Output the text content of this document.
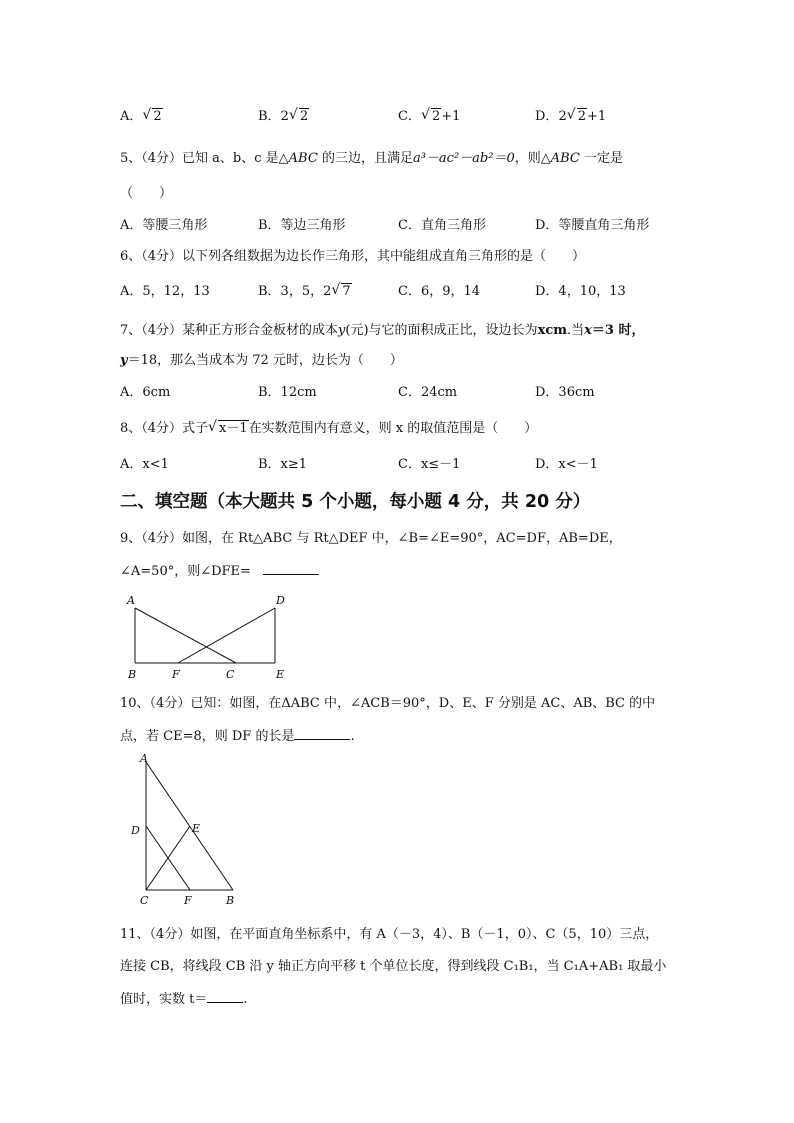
A． √ 2	B．2 √ 2	C． √ 2+1	D．2 √ 2+1
5、（4分）已知 a、b、c 是△ABC 的三边，且满足a³－ac²－ab²＝0，则△ABC 一定是
（　　）
A．等腰三角形	B．等边三角形	C．直角三角形	D．等腰直角三角形
6、（4分）以下列各组数据为边长作三角形，其中能组成直角三角形的是（　　）
A．5，12，13	B．3，5，2 √ 7	C．6，9，14	D．4，10，13
7、（4分）某种正方形合金板材的成本y(元)与它的面积成正比，设边长为xcm.当x＝3 时，
y＝18，那么当成本为 72 元时，边长为（　　）
A．6cm	B．12cm	C．24cm	D．36cm
8、（4分）式子 √ x－1在实数范围内有意义，则 x 的取值范围是（　　）
A．x<1	B．x≥1	C．x≤－1	D．x<－1
二、填空题（本大题共 5 个小题，每小题 4 分，共 20 分）
9、（4分）如图，在 Rt△ABC 与 Rt△DEF 中，∠B=∠E=90°，AC=DF，AB=DE，
∠A=50°，则∠DFE=
A	D
B	F	C	E
10、（4分）已知：如图，在ΔABC 中，∠ACB＝90°，D、E、F 分别是 AC、AB、BC 的中
点，若 CE=8，则 DF 的长是	.
A
D	E
C	F	B
11、（4分）如图，在平面直角坐标系中，有 A（－3，4）、B（－1，0）、C（5，10）三点，
连接 CB，将线段 CB 沿 y 轴正方向平移 t 个单位长度，得到线段 C₁B₁，当 C₁A+AB₁ 取最小
值时，实数 t＝	.
